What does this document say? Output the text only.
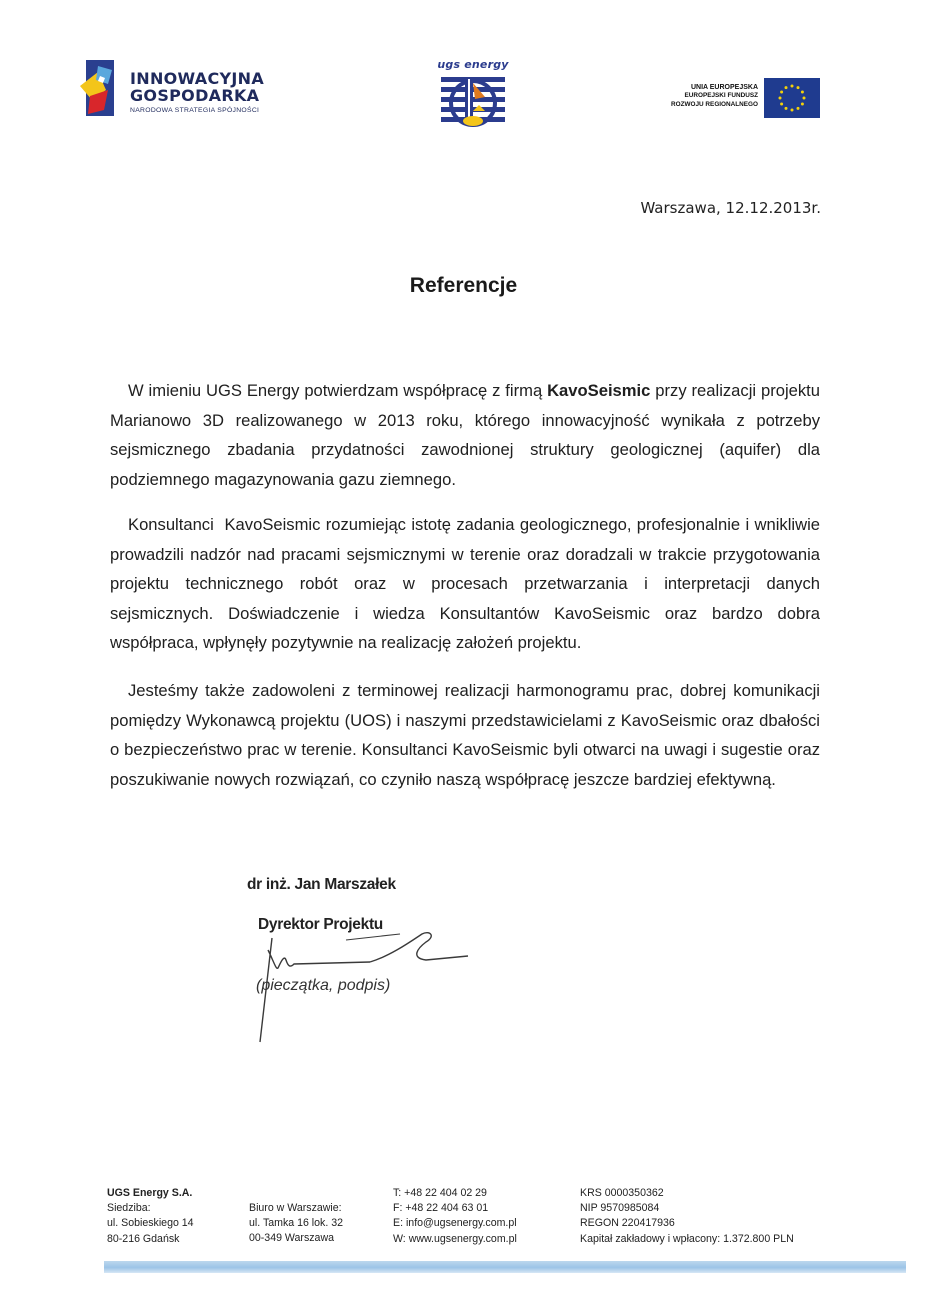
INNOWACYJNA
GOSPODARKA
NARODOWA STRATEGIA SPÓJNOŚCI
ugs energy
UNIA EUROPEJSKA
EUROPEJSKI FUNDUSZ
ROZWOJU REGIONALNEGO
Warszawa, 12.12.2013r.
Referencje

W imieniu UGS Energy potwierdzam współpracę z firmą KavoSeismic przy realizacji projektu Marianowo 3D realizowanego w 2013 roku, którego innowacyjność wynikała z potrzeby sejsmicznego zbadania przydatności zawodnionej struktury geologicznej (aquifer) dla podziemnego magazynowania gazu ziemnego.

Konsultanci  KavoSeismic rozumiejąc istotę zadania geologicznego, profesjonalnie i wnikliwie prowadzili nadzór nad pracami sejsmicznymi w terenie oraz doradzali w trakcie przygotowania projektu technicznego robót oraz w procesach przetwarzania i interpretacji danych sejsmicznych. Doświadczenie i wiedza Konsultantów KavoSeismic oraz bardzo dobra współpraca, wpłynęły pozytywnie na realizację założeń projektu.

Jesteśmy także zadowoleni z terminowej realizacji harmonogramu prac, dobrej komunikacji pomiędzy Wykonawcą projektu (UOS) i naszymi przedstawicielami z KavoSeismic oraz dbałości o bezpieczeństwo prac w terenie. Konsultanci KavoSeismic byli otwarci na uwagi i sugestie oraz poszukiwanie nowych rozwiązań, co czyniło naszą współpracę jeszcze bardziej efektywną.

dr inż. Jan Marszałek
Dyrektor Projektu
(pieczątka, podpis)
UGS Energy S.A.
Siedziba:
ul. Sobieskiego 14
80-216 Gdańsk
Biuro w Warszawie:
ul. Tamka 16 lok. 32
00-349 Warszawa
T: +48 22 404 02 29
F: +48 22 404 63 01
E: info@ugsenergy.com.pl
W: www.ugsenergy.com.pl
KRS 0000350362
NIP 9570985084
REGON 220417936
Kapitał zakładowy i wpłacony: 1.372.800 PLN
